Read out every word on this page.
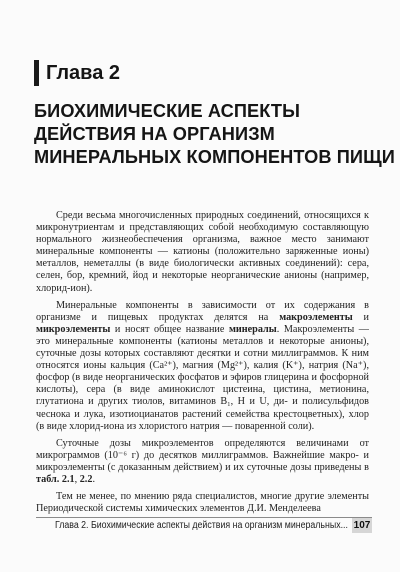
Глава 2
БИОХИМИЧЕСКИЕ АСПЕКТЫ
ДЕЙСТВИЯ НА ОРГАНИЗМ
МИНЕРАЛЬНЫХ КОМПОНЕНТОВ ПИЩИ

Среди весьма многочисленных природных соединений, относящихся к микронутриентам и представляющих собой необходимую составляющую нормального жизнеобеспечения организма, важное место занимают минеральные компоненты — катионы (положительно заряженные ионы) металлов, неметаллы (в виде биологически активных соединений): сера, селен, бор, кремний, йод и некоторые неорганические анионы (например, хлорид-ион).

Минеральные компоненты в зависимости от их содержания в организме и пищевых продуктах делятся на макроэлементы и микроэлементы и носят общее название минералы. Макроэлементы — это минеральные компоненты (катионы металлов и некоторые анионы), суточные дозы которых составляют десятки и сотни миллиграммов. К ним относятся ионы кальция (Ca²⁺), магния (Mg²⁺), калия (K⁺), натрия (Na⁺), фосфор (в виде неорганических фосфатов и эфиров глицерина и фосфорной кислоты), сера (в виде аминокислот цистеина, цистина, метионина, глутатиона и других тиолов, витаминов B₁, H и U, ди- и полисульфидов чеснока и лука, изотиоцианатов растений семейства крестоцветных), хлор (в виде хлорид-иона из хлористого натрия — поваренной соли).

Суточные дозы микроэлементов определяются величинами от микрограммов (10⁻⁶ г) до десятков миллиграммов. Важнейшие макро- и микроэлементы (с доказанным действием) и их суточные дозы приведены в табл. 2.1, 2.2.

Тем не менее, по мнению ряда специалистов, многие другие элементы Периодической системы химических элементов Д.И. Менделеева

Глава 2. Биохимические аспекты действия на организм минеральных... 107
